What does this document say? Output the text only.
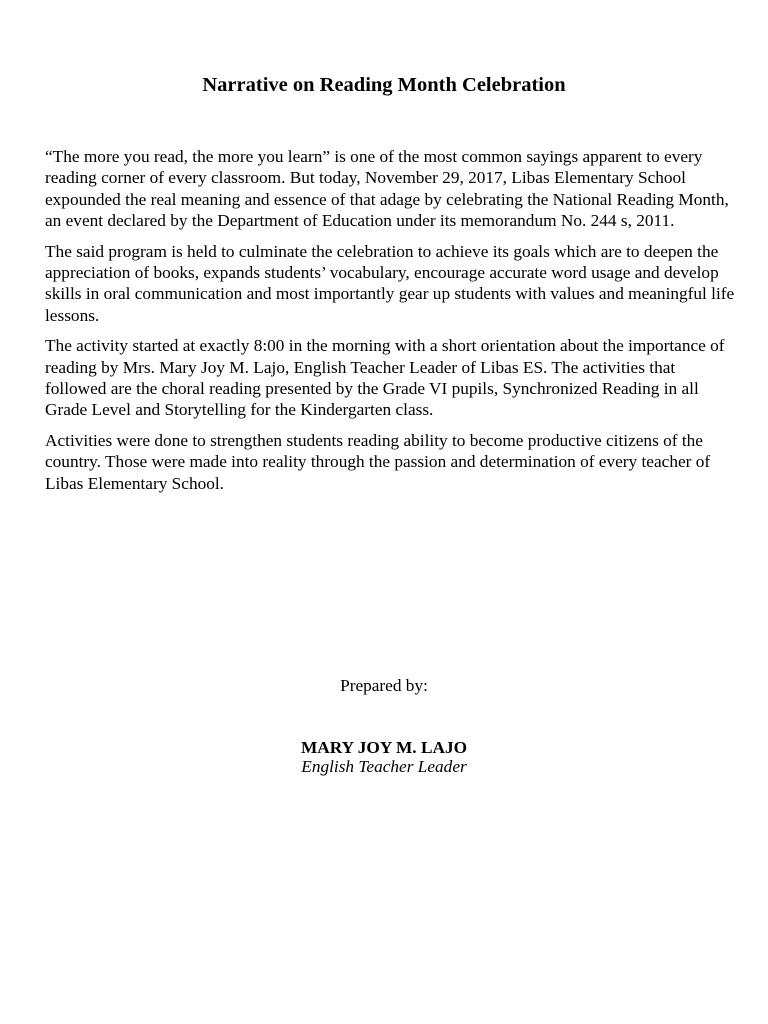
Narrative on Reading Month Celebration

“The more you read, the more you learn” is one of the most common sayings apparent to every reading corner of every classroom. But today, November 29, 2017, Libas Elementary School expounded the real meaning and essence of that adage by celebrating the National Reading Month, an event declared by the Department of Education under its memorandum No. 244 s, 2011.

The said program is held to culminate the celebration to achieve its goals which are to deepen the appreciation of books, expands students’ vocabulary, encourage accurate word usage and develop skills in oral communication and most importantly gear up students with values and meaningful life lessons.

The activity started at exactly 8:00 in the morning with a short orientation about the importance of reading by Mrs. Mary Joy M. Lajo, English Teacher Leader of Libas ES. The activities that followed are the choral reading presented by the Grade VI pupils, Synchronized Reading in all Grade Level and Storytelling for the Kindergarten class.

Activities were done to strengthen students reading ability to become productive citizens of the country. Those were made into reality through the passion and determination of every teacher of Libas Elementary School.

Prepared by:
MARY JOY M. LAJO
English Teacher Leader
